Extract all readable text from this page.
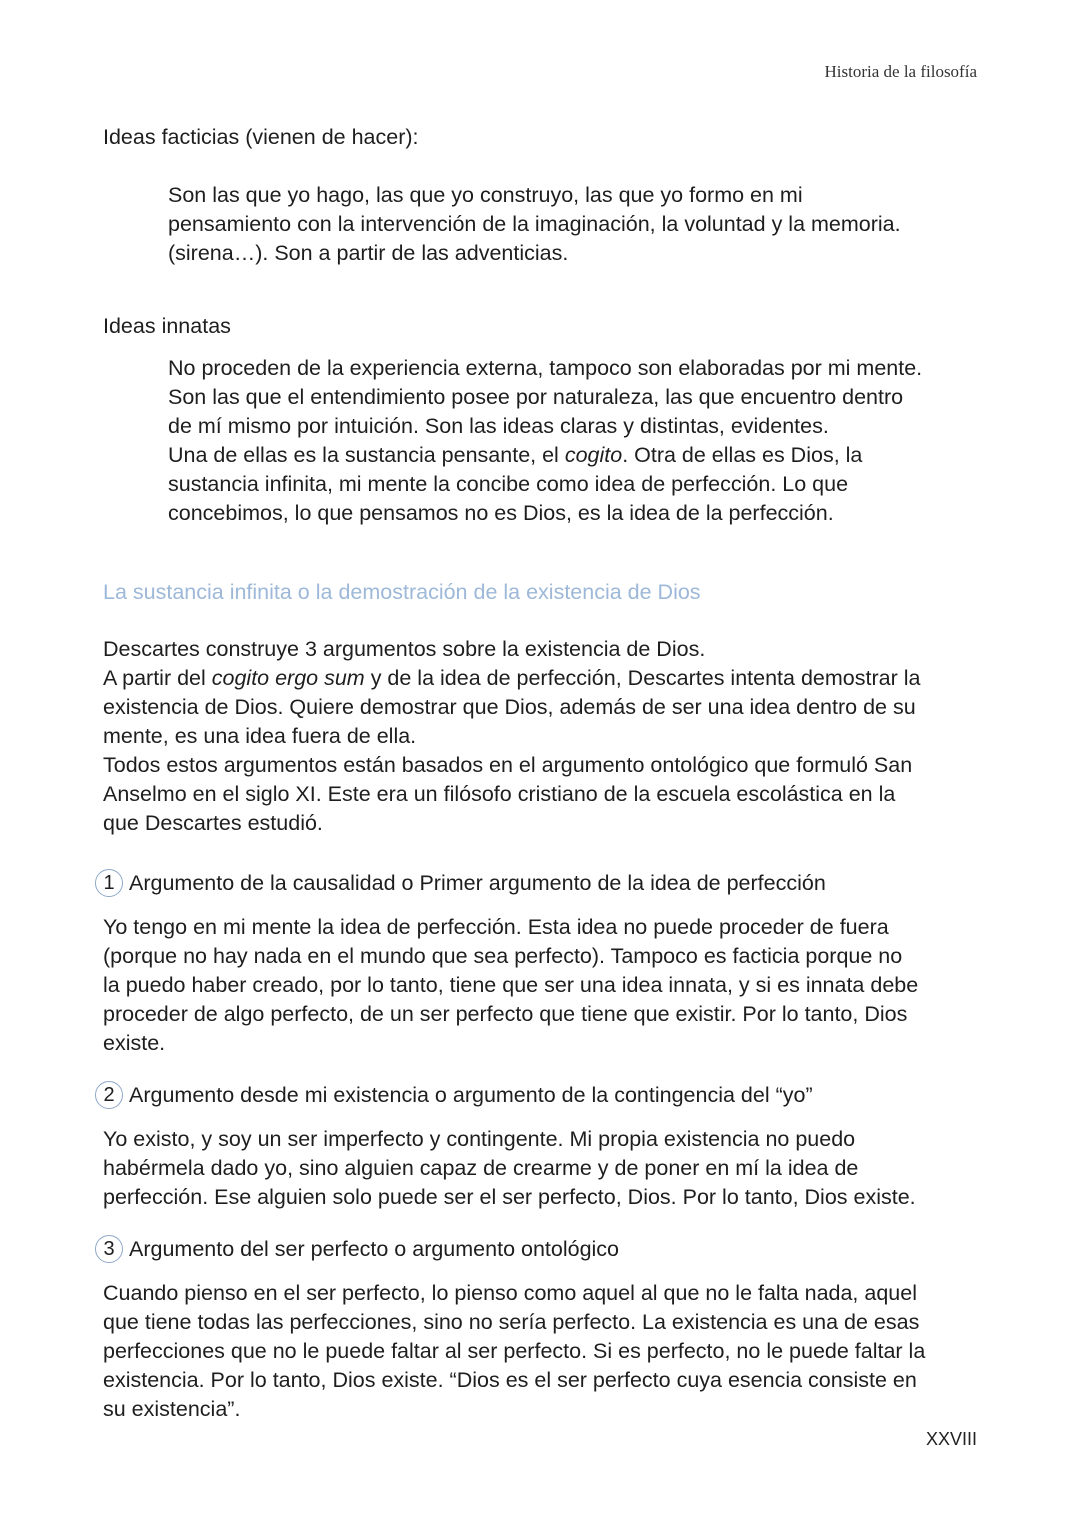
Historia de la filosofía
Ideas facticias (vienen de hacer):
Son las que yo hago, las que yo construyo, las que yo formo en mi
pensamiento con la intervención de la imaginación, la voluntad y la memoria.
(sirena…). Son a partir de las adventicias.
Ideas innatas
No proceden de la experiencia externa, tampoco son elaboradas por mi mente.
Son las que el entendimiento posee por naturaleza, las que encuentro dentro
de mí mismo por intuición. Son las ideas claras y distintas, evidentes.
Una de ellas es la sustancia pensante, el cogito. Otra de ellas es Dios, la
sustancia infinita, mi mente la concibe como idea de perfección. Lo que
concebimos, lo que pensamos no es Dios, es la idea de la perfección.
La sustancia infinita o la demostración de la existencia de Dios
Descartes construye 3 argumentos sobre la existencia de Dios.
A partir del cogito ergo sum y de la idea de perfección, Descartes intenta demostrar la
existencia de Dios. Quiere demostrar que Dios, además de ser una idea dentro de su
mente, es una idea fuera de ella.
Todos estos argumentos están basados en el argumento ontológico que formuló San
Anselmo en el siglo XI. Este era un filósofo cristiano de la escuela escolástica en la
que Descartes estudió.
1 Argumento de la causalidad o Primer argumento de la idea de perfección
Yo tengo en mi mente la idea de perfección. Esta idea no puede proceder de fuera
(porque no hay nada en el mundo que sea perfecto). Tampoco es facticia porque no
la puedo haber creado, por lo tanto, tiene que ser una idea innata, y si es innata debe
proceder de algo perfecto, de un ser perfecto que tiene que existir. Por lo tanto, Dios
existe.
2 Argumento desde mi existencia o argumento de la contingencia del “yo”
Yo existo, y soy un ser imperfecto y contingente. Mi propia existencia no puedo
habérmela dado yo, sino alguien capaz de crearme y de poner en mí la idea de
perfección. Ese alguien solo puede ser el ser perfecto, Dios. Por lo tanto, Dios existe.
3 Argumento del ser perfecto o argumento ontológico
Cuando pienso en el ser perfecto, lo pienso como aquel al que no le falta nada, aquel
que tiene todas las perfecciones, sino no sería perfecto. La existencia es una de esas
perfecciones que no le puede faltar al ser perfecto. Si es perfecto, no le puede faltar la
existencia. Por lo tanto, Dios existe. “Dios es el ser perfecto cuya esencia consiste en
su existencia”.
XXVIII
